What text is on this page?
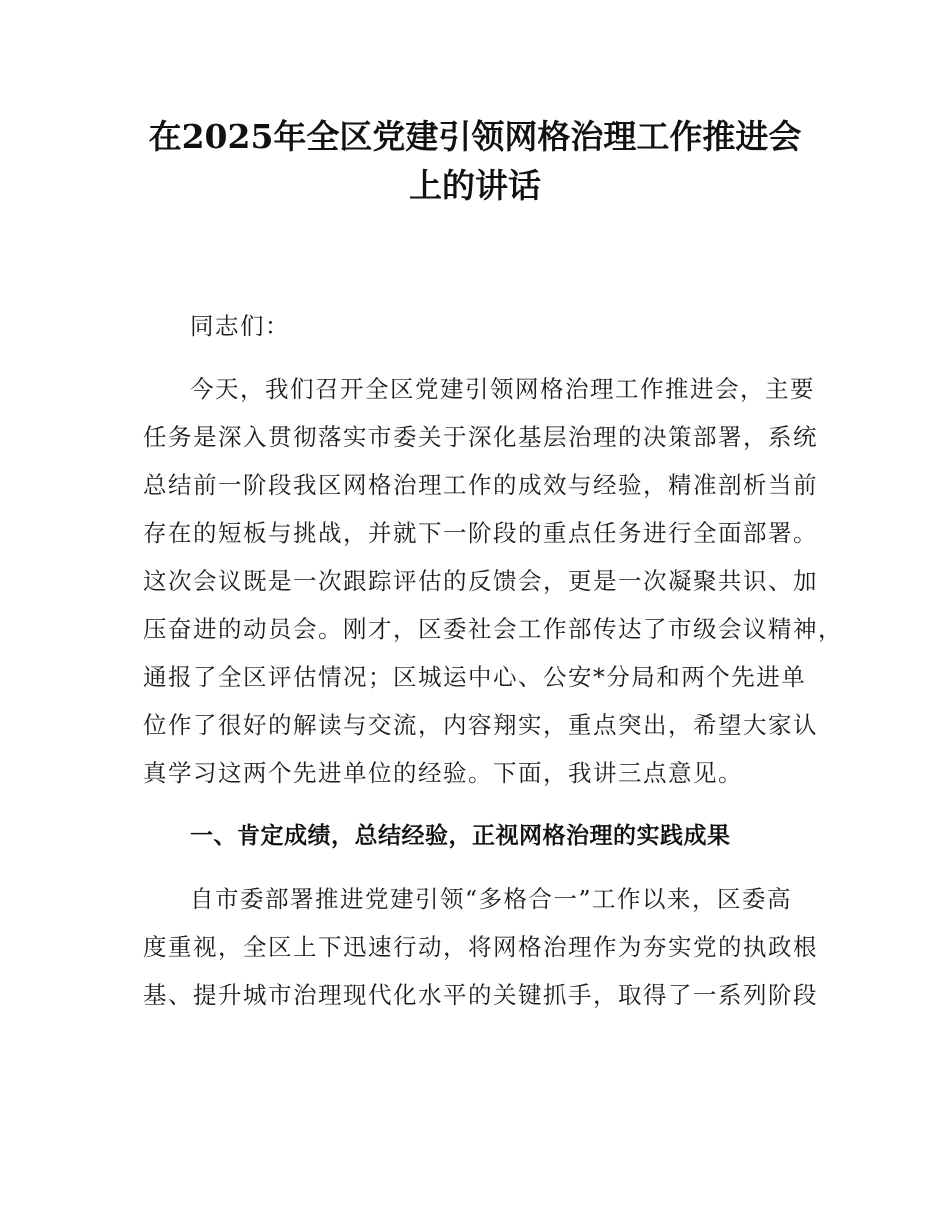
在2025年全区党建引领网格治理工作推进会
上的讲话
同志们：
今天，我们召开全区党建引领网格治理工作推进会，主要
任务是深入贯彻落实市委关于深化基层治理的决策部署，系统
总结前一阶段我区网格治理工作的成效与经验，精准剖析当前
存在的短板与挑战，并就下一阶段的重点任务进行全面部署。
这次会议既是一次跟踪评估的反馈会，更是一次凝聚共识、加
压奋进的动员会。刚才，区委社会工作部传达了市级会议精神，
通报了全区评估情况；区城运中心、公安*分局和两个先进单
位作了很好的解读与交流，内容翔实，重点突出，希望大家认
真学习这两个先进单位的经验。下面，我讲三点意见。
一、肯定成绩，总结经验，正视网格治理的实践成果
自市委部署推进党建引领“多格合一”工作以来，区委高
度重视，全区上下迅速行动，将网格治理作为夯实党的执政根
基、提升城市治理现代化水平的关键抓手，取得了一系列阶段
